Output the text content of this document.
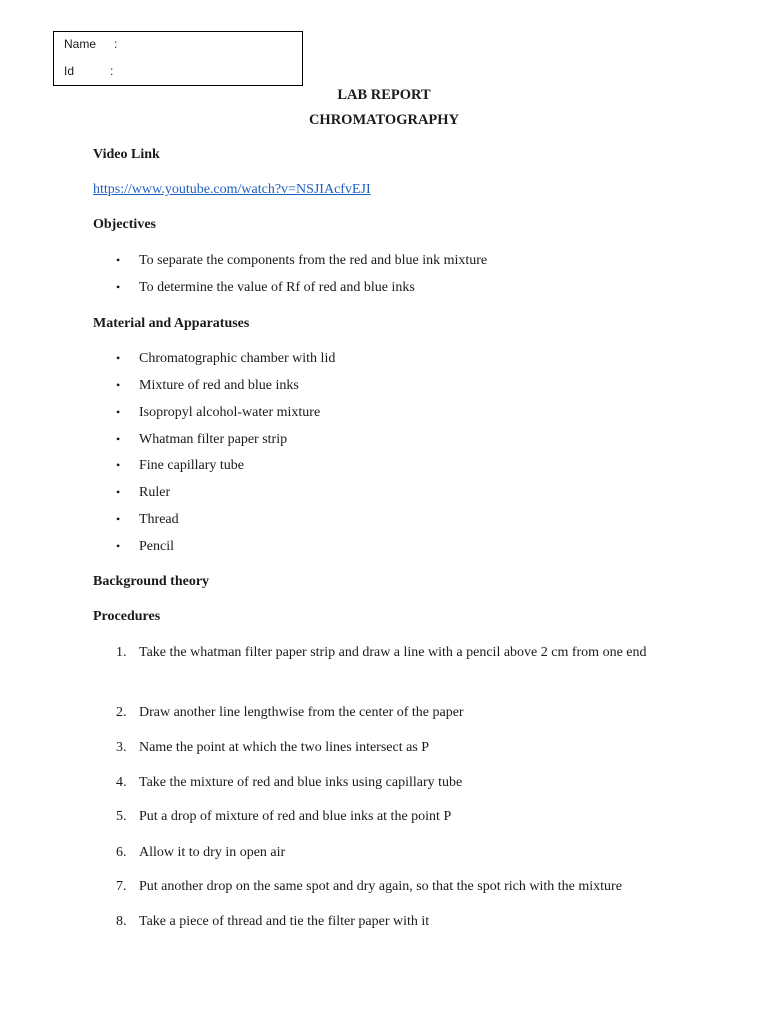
Name :
Id	:
LAB REPORT
CHROMATOGRAPHY
Video Link
https://www.youtube.com/watch?v=NSJIAcfvEJI
Objectives
• To separate the components from the red and blue ink mixture
• To determine the value of Rf of red and blue inks
Material and Apparatuses
• Chromatographic chamber with lid
• Mixture of red and blue inks
• Isopropyl alcohol-water mixture
• Whatman filter paper strip
• Fine capillary tube
• Ruler
• Thread
• Pencil
Background theory
Procedures
1. Take the whatman filter paper strip and draw a line with a pencil above 2 cm from one end
2. Draw another line lengthwise from the center of the paper
3. Name the point at which the two lines intersect as P
4. Take the mixture of red and blue inks using capillary tube
5. Put a drop of mixture of red and blue inks at the point P
6. Allow it to dry in open air
7. Put another drop on the same spot and dry again, so that the spot rich with the mixture
8. Take a piece of thread and tie the filter paper with it
